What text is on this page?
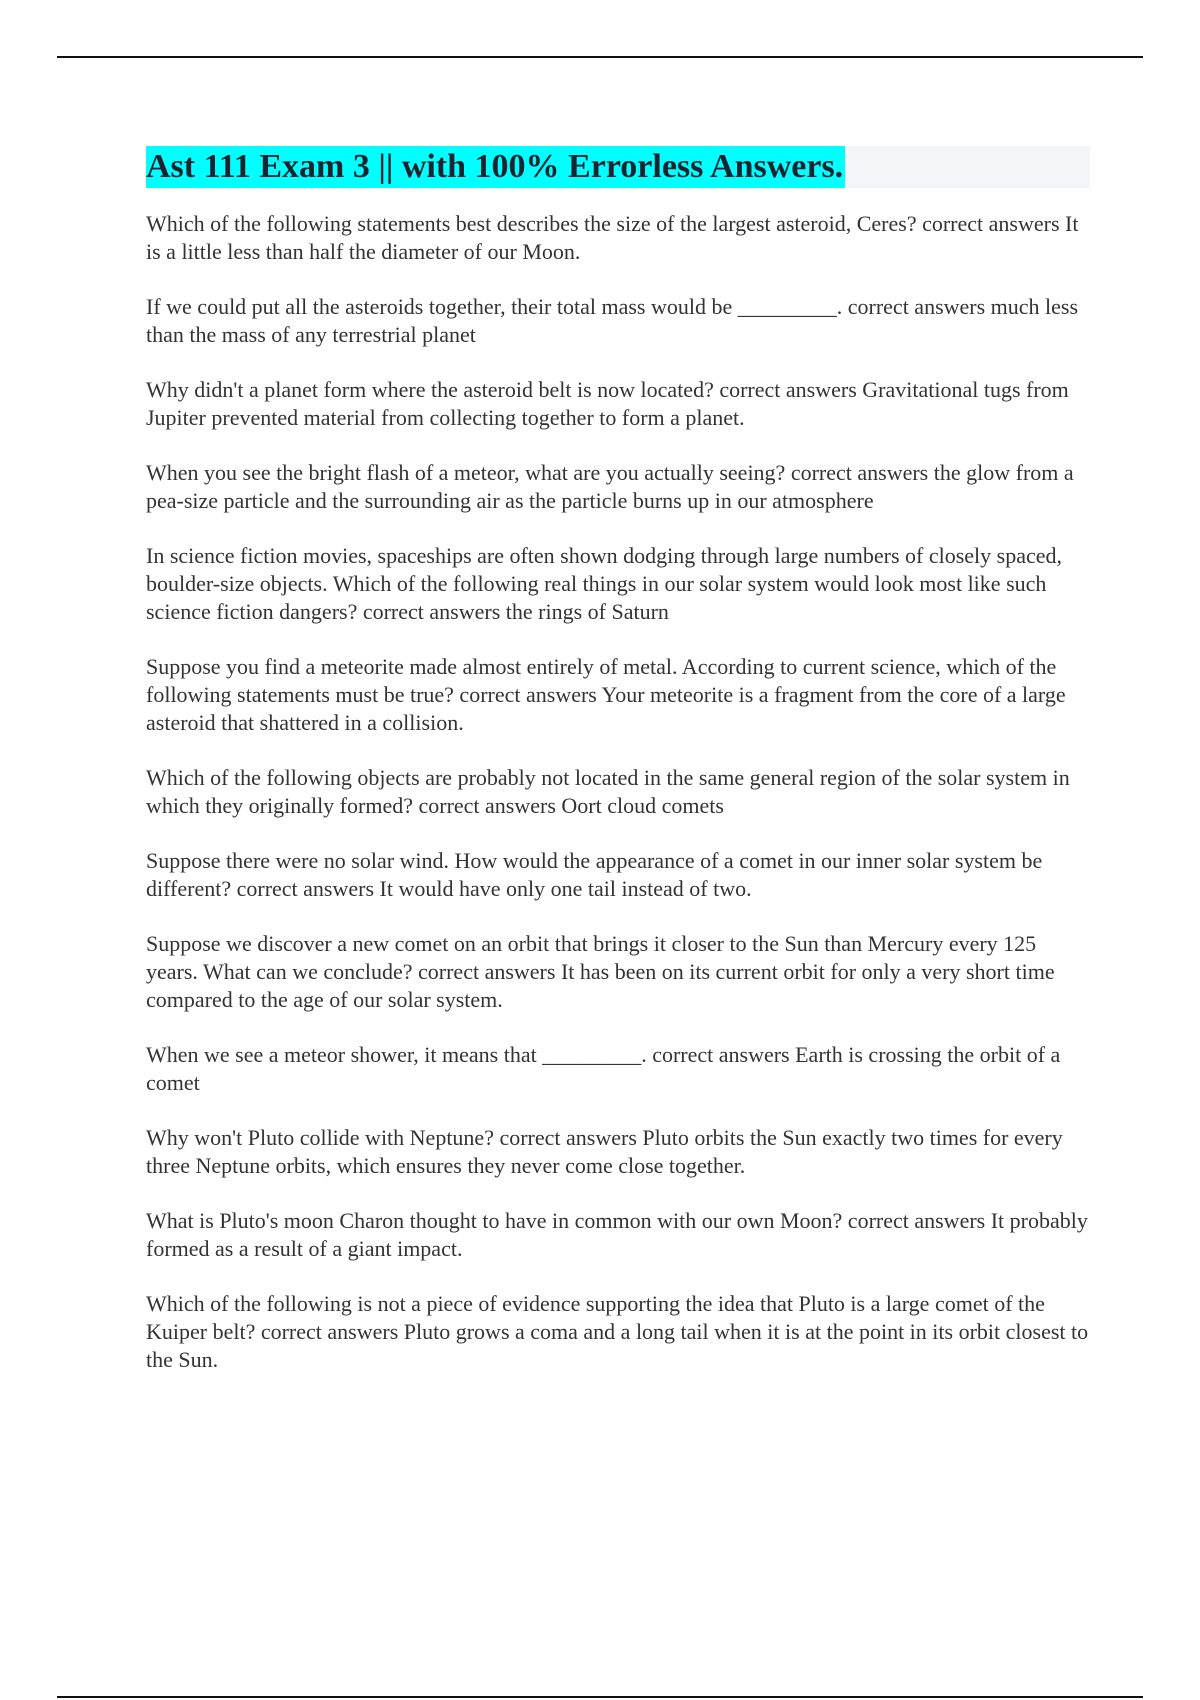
Ast 111 Exam 3 || with 100% Errorless Answers.

Which of the following statements best describes the size of the largest asteroid, Ceres? correct answers It is a little less than half the diameter of our Moon.

If we could put all the asteroids together, their total mass would be _________. correct answers much less than the mass of any terrestrial planet

Why didn't a planet form where the asteroid belt is now located? correct answers Gravitational tugs from Jupiter prevented material from collecting together to form a planet.

When you see the bright flash of a meteor, what are you actually seeing? correct answers the glow from a pea-size particle and the surrounding air as the particle burns up in our atmosphere

In science fiction movies, spaceships are often shown dodging through large numbers of closely spaced, boulder-size objects. Which of the following real things in our solar system would look most like such science fiction dangers? correct answers the rings of Saturn

Suppose you find a meteorite made almost entirely of metal. According to current science, which of the following statements must be true? correct answers Your meteorite is a fragment from the core of a large asteroid that shattered in a collision.

Which of the following objects are probably not located in the same general region of the solar system in which they originally formed? correct answers Oort cloud comets

Suppose there were no solar wind. How would the appearance of a comet in our inner solar system be different? correct answers It would have only one tail instead of two.

Suppose we discover a new comet on an orbit that brings it closer to the Sun than Mercury every 125 years. What can we conclude? correct answers It has been on its current orbit for only a very short time compared to the age of our solar system.

When we see a meteor shower, it means that _________. correct answers Earth is crossing the orbit of a comet

Why won't Pluto collide with Neptune? correct answers Pluto orbits the Sun exactly two times for every three Neptune orbits, which ensures they never come close together.

What is Pluto's moon Charon thought to have in common with our own Moon? correct answers It probably formed as a result of a giant impact.

Which of the following is not a piece of evidence supporting the idea that Pluto is a large comet of the Kuiper belt? correct answers Pluto grows a coma and a long tail when it is at the point in its orbit closest to the Sun.
